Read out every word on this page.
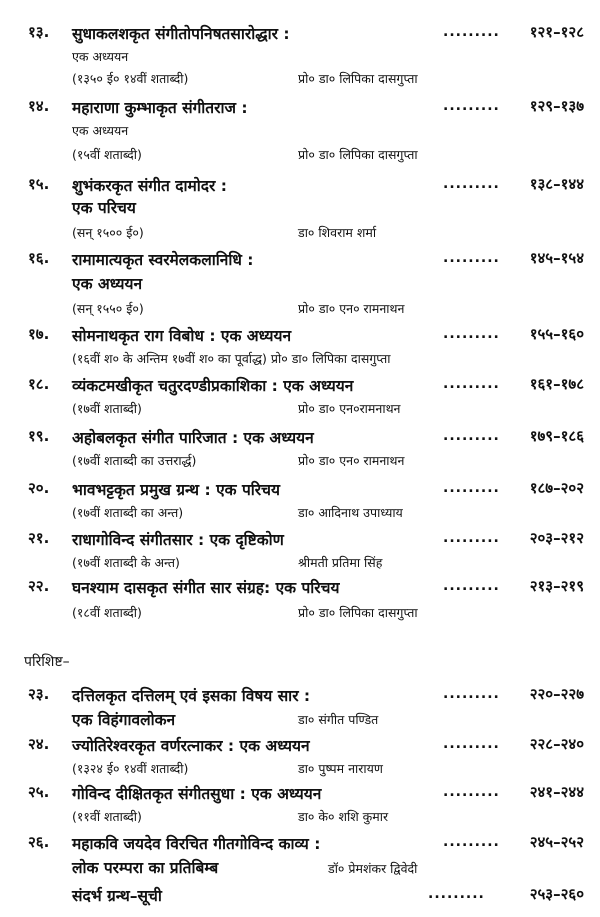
१३. सुधाकलशकृत संगीतोपनिषतसारोद्धार :	......... १२१–१२८
एक अध्ययन
(१३५० ई० १४वीं शताब्दी)	प्रो० डा० लिपिका दासगुप्ता
१४. महाराणा कुम्भाकृत संगीतराज :	......... १२९–१३७
एक अध्ययन
(१५वीं शताब्दी)	प्रो० डा० लिपिका दासगुप्ता
१५. शुभंकरकृत संगीत दामोदर :
एक परिचय
......... १३८–१४४
(सन् १५०० ई०)	डा० शिवराम शर्मा
१६. रामामात्यकृत स्वरमेलकलानिधि :
एक अध्ययन
......... १४५–१५४
(सन् १५५० ई०)	प्रो० डा० एन० रामनाथन
१७. सोमनाथकृत राग विबोध : एक अध्ययन	......... १५५–१६०
(१६वीं श० के अन्तिम १७वीं श० का पूर्वाद्ध) प्रो० डा० लिपिका दासगुप्ता
१८. व्यंकटमखीकृत चतुरदण्डीप्रकाशिका : एक अध्ययन	......... १६१–१७८
(१७वीं शताब्दी)	प्रो० डा० एन०रामनाथन
१९. अहोबलकृत संगीत पारिजात : एक अध्ययन	......... १७९–१८६
(१७वीं शताब्दी का उत्तरार्द्ध)	प्रो० डा० एन० रामनाथन
२०. भावभट्टकृत प्रमुख ग्रन्थ : एक परिचय	......... १८७–२०२
(१७वीं शताब्दी का अन्त)	डा० आदिनाथ उपाध्याय
२१. राधागोविन्द संगीतसार : एक दृष्टिकोण	......... २०३–२१२
(१७वीं शताब्दी के अन्त)	श्रीमती प्रतिमा सिंह
२२. घनश्याम दासकृत संगीत सार संग्रह: एक परिचय	......... २१३–२१९
(१८वीं शताब्दी)	प्रो० डा० लिपिका दासगुप्ता
परिशिष्ट–
२३. दत्तिलकृत दत्तिलम् एवं इसका विषय सार :	......... २२०–२२७
एक विहंगावलोकन	डा० संगीत पण्डित
२४. ज्योतिरेश्वरकृत वर्णरत्नाकर : एक अध्ययन	......... २२८–२४०
(१३२४ ई० १४वीं शताब्दी)	डा० पुष्पम नारायण
२५. गोविन्द दीक्षितकृत संगीतसुधा : एक अध्ययन	......... २४१–२४४
(११वीं शताब्दी)	डा० के० शशि कुमार
२६. महाकवि जयदेव विरचित गीतगोविन्द काव्य :	......... २४५–२५२
लोक परम्परा का प्रतिबिम्ब	डॉ० प्रेमशंकर द्विवेदी
संदर्भ ग्रन्थ–सूची	.........	२५३–२६०
